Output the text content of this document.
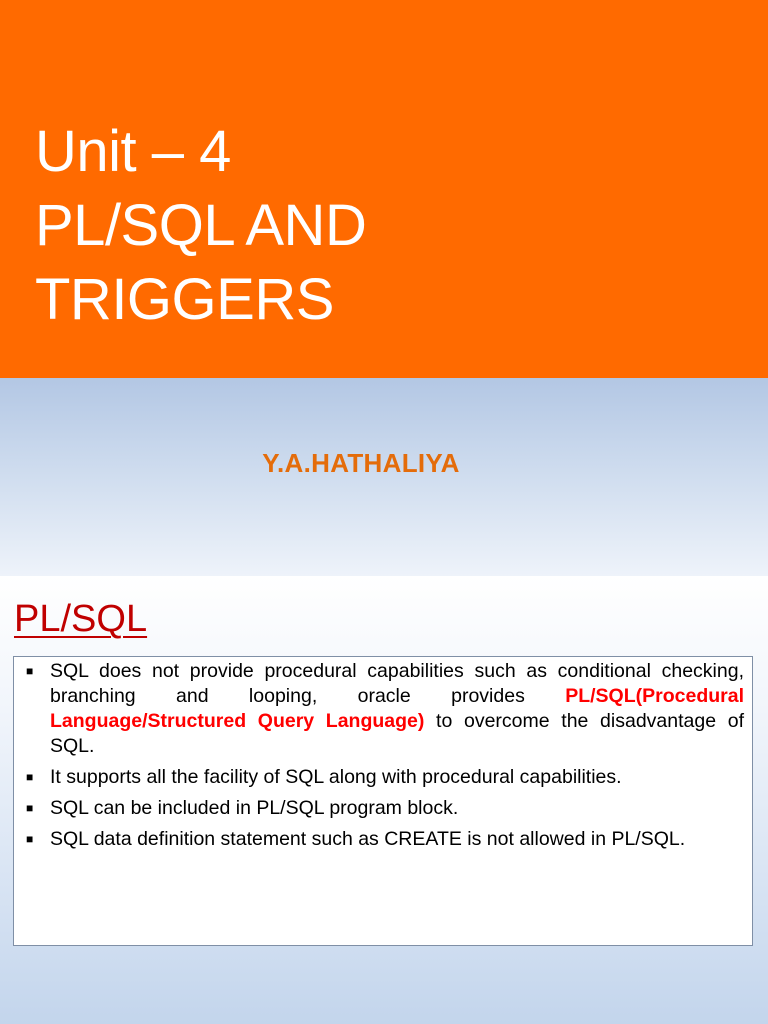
Unit – 4
PL/SQL AND
TRIGGERS
Y.A.HATHALIYA
PL/SQL
■ SQL does not provide procedural capabilities such as conditional checking, branching and looping, oracle provides PL/SQL(Procedural Language/Structured Query Language) to overcome the disadvantage of SQL.
■ It supports all the facility of SQL along with procedural capabilities.
■ SQL can be included in PL/SQL program block.
■ SQL data definition statement such as CREATE is not allowed in PL/SQL.
